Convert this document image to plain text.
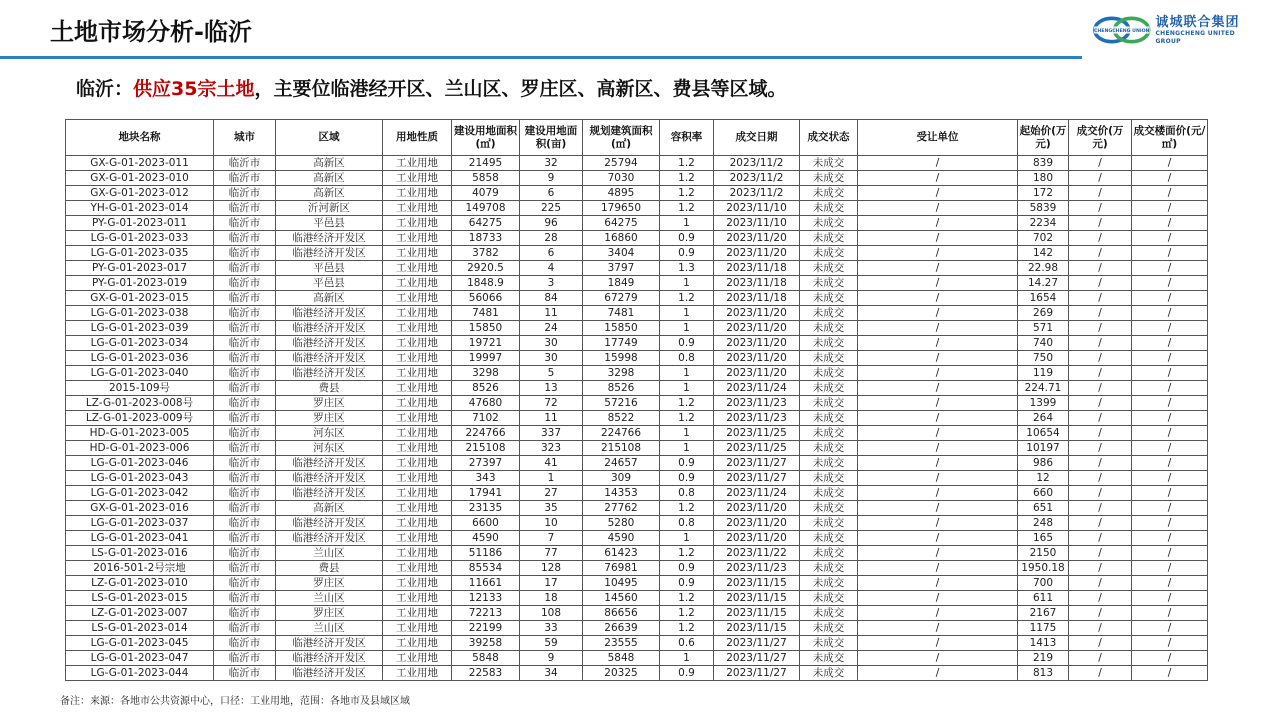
土地市场分析-临沂	CHENGCHENG UNION
诚城联合集团
CHENGCHENG UNITED GROUP
临沂：供应35宗土地，主要位临港经开区、兰山区、罗庄区、高新区、费县等区域。
地块名称	城市	区域	用地性质	建设用地面积(㎡)	建设用地面积(亩)	规划建筑面积(㎡)	容积率	成交日期	成交状态	受让单位	起始价(万元)	成交价(万元)	成交楼面价(元/㎡)
GX-G-01-2023-011	临沂市	高新区	工业用地	21495	32	25794	1.2	2023/11/2	未成交	/	839	/	/
GX-G-01-2023-010	临沂市	高新区	工业用地	5858	9	7030	1.2	2023/11/2	未成交	/	180	/	/
GX-G-01-2023-012	临沂市	高新区	工业用地	4079	6	4895	1.2	2023/11/2	未成交	/	172	/	/
YH-G-01-2023-014	临沂市	沂河新区	工业用地	149708	225	179650	1.2	2023/11/10	未成交	/	5839	/	/
PY-G-01-2023-011	临沂市	平邑县	工业用地	64275	96	64275	1	2023/11/10	未成交	/	2234	/	/
LG-G-01-2023-033	临沂市	临港经济开发区	工业用地	18733	28	16860	0.9	2023/11/20	未成交	/	702	/	/
LG-G-01-2023-035	临沂市	临港经济开发区	工业用地	3782	6	3404	0.9	2023/11/20	未成交	/	142	/	/
PY-G-01-2023-017	临沂市	平邑县	工业用地	2920.5	4	3797	1.3	2023/11/18	未成交	/	22.98	/	/
PY-G-01-2023-019	临沂市	平邑县	工业用地	1848.9	3	1849	1	2023/11/18	未成交	/	14.27	/	/
GX-G-01-2023-015	临沂市	高新区	工业用地	56066	84	67279	1.2	2023/11/18	未成交	/	1654	/	/
LG-G-01-2023-038	临沂市	临港经济开发区	工业用地	7481	11	7481	1	2023/11/20	未成交	/	269	/	/
LG-G-01-2023-039	临沂市	临港经济开发区	工业用地	15850	24	15850	1	2023/11/20	未成交	/	571	/	/
LG-G-01-2023-034	临沂市	临港经济开发区	工业用地	19721	30	17749	0.9	2023/11/20	未成交	/	740	/	/
LG-G-01-2023-036	临沂市	临港经济开发区	工业用地	19997	30	15998	0.8	2023/11/20	未成交	/	750	/	/
LG-G-01-2023-040	临沂市	临港经济开发区	工业用地	3298	5	3298	1	2023/11/20	未成交	/	119	/	/
2015-109号	临沂市	费县	工业用地	8526	13	8526	1	2023/11/24	未成交	/	224.71	/	/
LZ-G-01-2023-008号	临沂市	罗庄区	工业用地	47680	72	57216	1.2	2023/11/23	未成交	/	1399	/	/
LZ-G-01-2023-009号	临沂市	罗庄区	工业用地	7102	11	8522	1.2	2023/11/23	未成交	/	264	/	/
HD-G-01-2023-005	临沂市	河东区	工业用地	224766	337	224766	1	2023/11/25	未成交	/	10654	/	/
HD-G-01-2023-006	临沂市	河东区	工业用地	215108	323	215108	1	2023/11/25	未成交	/	10197	/	/
LG-G-01-2023-046	临沂市	临港经济开发区	工业用地	27397	41	24657	0.9	2023/11/27	未成交	/	986	/	/
LG-G-01-2023-043	临沂市	临港经济开发区	工业用地	343	1	309	0.9	2023/11/27	未成交	/	12	/	/
LG-G-01-2023-042	临沂市	临港经济开发区	工业用地	17941	27	14353	0.8	2023/11/24	未成交	/	660	/	/
GX-G-01-2023-016	临沂市	高新区	工业用地	23135	35	27762	1.2	2023/11/20	未成交	/	651	/	/
LG-G-01-2023-037	临沂市	临港经济开发区	工业用地	6600	10	5280	0.8	2023/11/20	未成交	/	248	/	/
LG-G-01-2023-041	临沂市	临港经济开发区	工业用地	4590	7	4590	1	2023/11/20	未成交	/	165	/	/
LS-G-01-2023-016	临沂市	兰山区	工业用地	51186	77	61423	1.2	2023/11/22	未成交	/	2150	/	/
2016-501-2号宗地	临沂市	费县	工业用地	85534	128	76981	0.9	2023/11/23	未成交	/	1950.18	/	/
LZ-G-01-2023-010	临沂市	罗庄区	工业用地	11661	17	10495	0.9	2023/11/15	未成交	/	700	/	/
LS-G-01-2023-015	临沂市	兰山区	工业用地	12133	18	14560	1.2	2023/11/15	未成交	/	611	/	/
LZ-G-01-2023-007	临沂市	罗庄区	工业用地	72213	108	86656	1.2	2023/11/15	未成交	/	2167	/	/
LS-G-01-2023-014	临沂市	兰山区	工业用地	22199	33	26639	1.2	2023/11/15	未成交	/	1175	/	/
LG-G-01-2023-045	临沂市	临港经济开发区	工业用地	39258	59	23555	0.6	2023/11/27	未成交	/	1413	/	/
LG-G-01-2023-047	临沂市	临港经济开发区	工业用地	5848	9	5848	1	2023/11/27	未成交	/	219	/	/
LG-G-01-2023-044	临沂市	临港经济开发区	工业用地	22583	34	20325	0.9	2023/11/27	未成交	/	813	/	/
备注：来源：各地市公共资源中心，口径：工业用地，范围：各地市及县域区域
